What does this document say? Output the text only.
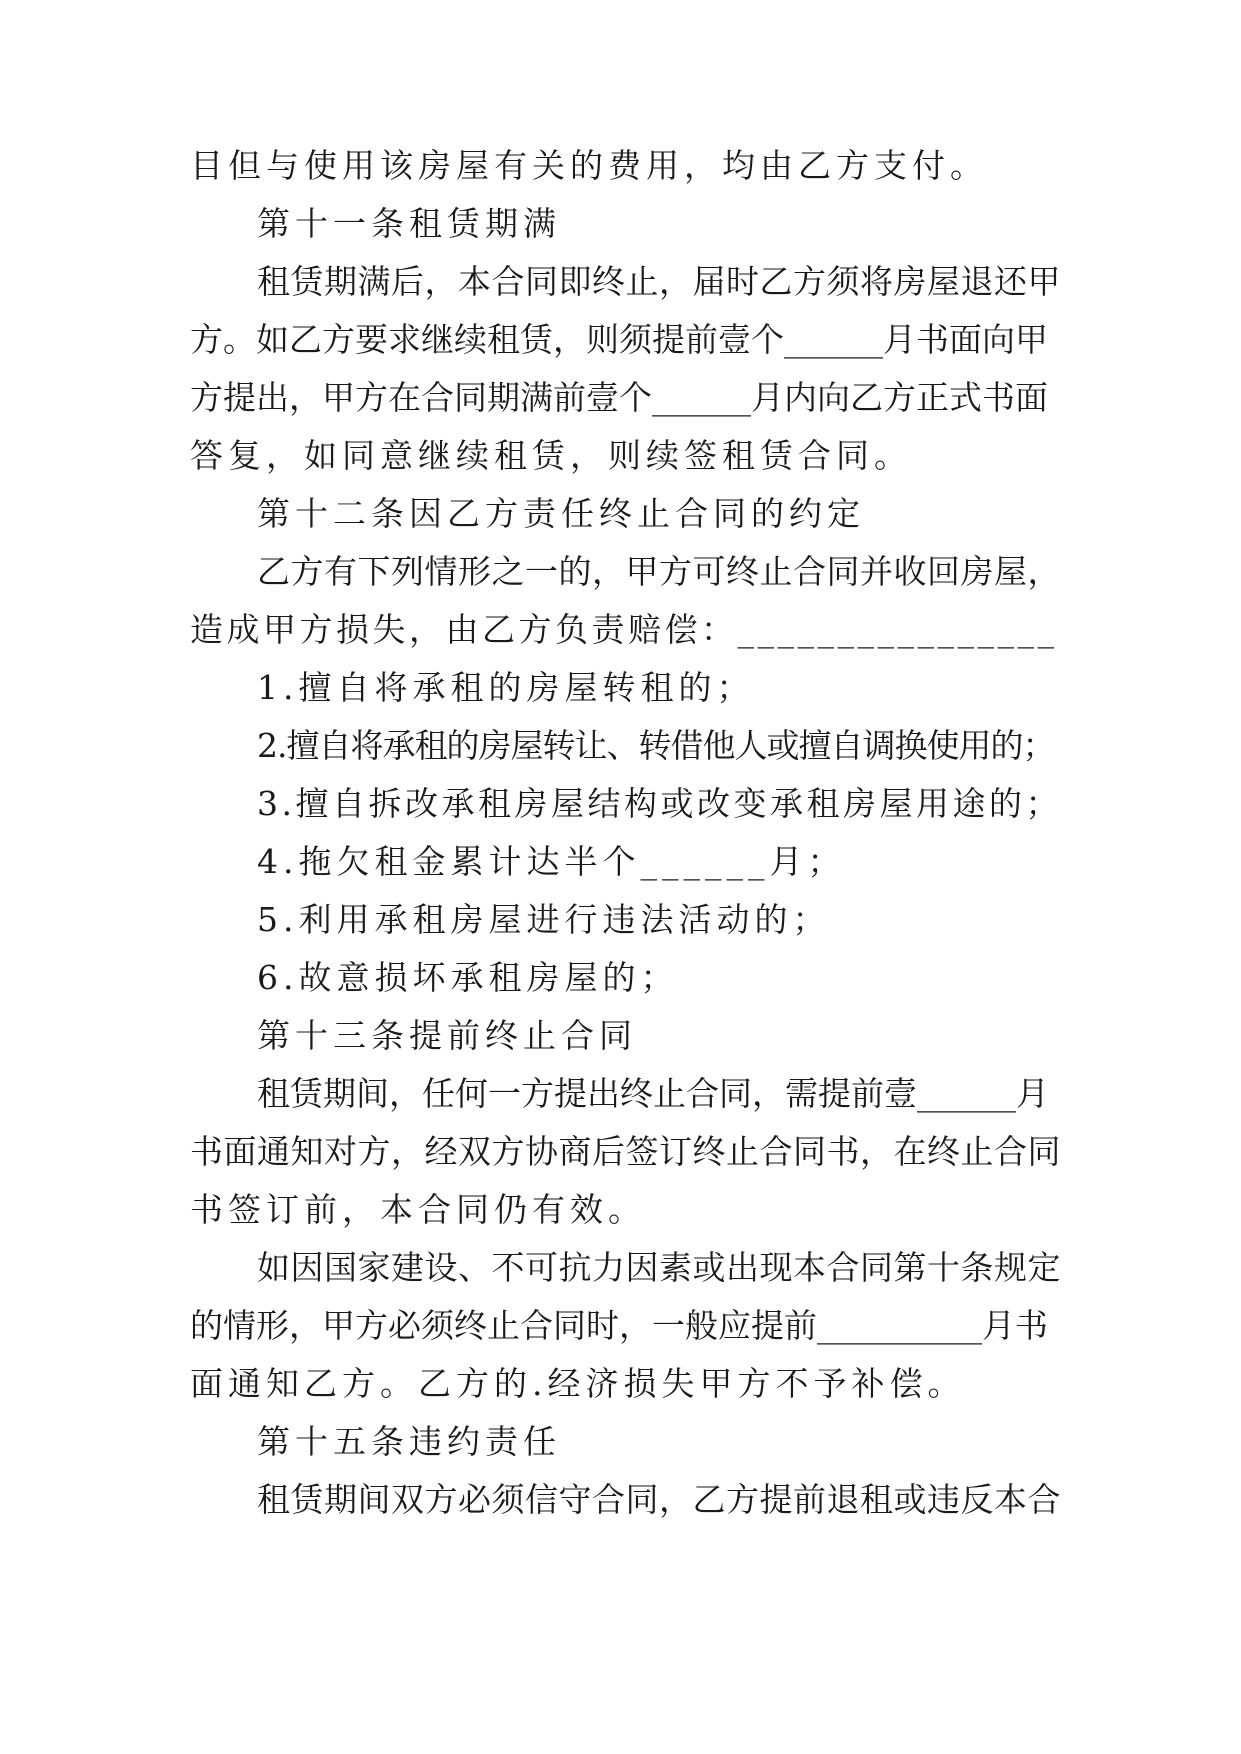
目但与使用该房屋有关的费用，均由乙方支付。
第十一条租赁期满
租赁期满后，本合同即终止，届时乙方须将房屋退还甲
方。如乙方要求继续租赁，则须提前壹个______月书面向甲
方提出，甲方在合同期满前壹个______月内向乙方正式书面
答复，如同意继续租赁，则续签租赁合同。
第十二条因乙方责任终止合同的约定
乙方有下列情形之一的，甲方可终止合同并收回房屋，
造成甲方损失，由乙方负责赔偿：________________
1.擅自将承租的房屋转租的；
2.擅自将承租的房屋转让、转借他人或擅自调换使用的；
3.擅自拆改承租房屋结构或改变承租房屋用途的；
4.拖欠租金累计达半个______月；
5.利用承租房屋进行违法活动的；
6.故意损坏承租房屋的；
第十三条提前终止合同
租赁期间，任何一方提出终止合同，需提前壹______月
书面通知对方，经双方协商后签订终止合同书，在终止合同
书签订前，本合同仍有效。
如因国家建设、不可抗力因素或出现本合同第十条规定
的情形，甲方必须终止合同时，一般应提前__________月书
面通知乙方。乙方的.经济损失甲方不予补偿。
第十五条违约责任
租赁期间双方必须信守合同，乙方提前退租或违反本合
